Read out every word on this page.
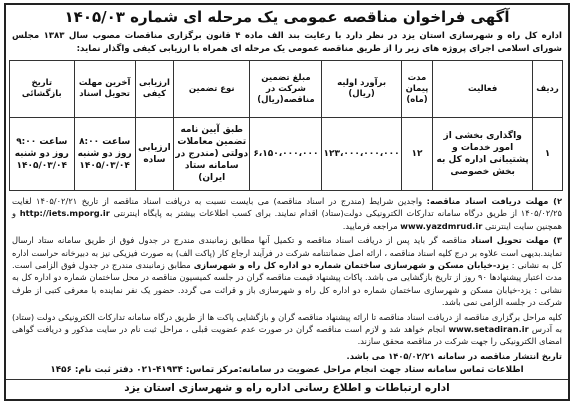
آگهی فراخوان مناقصه عمومی یک مرحله ای شماره ۱۴۰۵/۰۳
اداره کل راه و شهرسازی استان یزد در نظر دارد با رعایت بند الف ماده ۴ قانون برگزاری مناقصات مصوب سال ۱۳۸۳ مجلس شورای اسلامی اجرای پروژه های زیر را از طریق مناقصه عمومی یک مرحله ای همراه با ارزیابی کیفی واگذار نماید:
ردیف	فعالیت	مدت پیمان (ماه)	برآورد اولیه (ریال)	مبلغ تضمین شرکت در مناقصه(ریال)	نوع تضمین	ارزیابی کیفی	آخرین مهلت تحویل اسناد	تاریخ بازگشائی
۱	واگذاری بخشی از امور خدمات و پشتیبانی اداره کل به بخش خصوصی	۱۲	۱۲۳،۰۰۰،۰۰۰،۰۰۰	۶،۱۵۰،۰۰۰،۰۰۰	طبق آیین نامه تضمین معاملات دولتی (مندرج در سامانه ستاد ایران)	ارزیابی ساده	ساعت ۸:۰۰ روز دو شنبه ۱۴۰۵/۰۳/۰۴	ساعت ۹:۰۰ روز دو شنبه ۱۴۰۵/۰۳/۰۴

۲) مهلت دریافت اسناد مناقصه: واجدین شرایط (مندرج در اسناد مناقصه) می بایست نسبت به دریافت اسناد مناقصه از تاریخ ۱۴۰۵/۰۲/۲۱ لغایت ۱۴۰۵/۰۲/۲۵ از طریق درگاه سامانه تدارکات الکترونیکی دولت(ستاد) اقدام نمایند. برای کسب اطلاعات بیشتر به پایگاه اینترنتی http://iets.mporg.ir و همچنین سایت اینترنتی www.yazdmrud.ir مراجعه فرمایید.

۳) مهلت تحویل اسناد مناقصه گر باید پس از دریافت اسناد مناقصه و تکمیل آنها مطابق زمانبندی مندرج در جدول فوق از طریق سامانه ستاد ارسال نمایند.بدیهی است علاوه بر درج کلیه اسناد مناقصه ، ارائه اصل ضمانتنامه شرکت در فرآیند ارجاع کار (پاکت الف) به صورت فیزیکی نیز به دبیرخانه حراست اداره کل به نشانی : یزد-خیابان مسکن و شهرسازی ساختمان شماره دو اداره کل راه و شهرسازی مطابق زمانبندی مندرج در جدول فوق الزامی است. مدت اعتبار پیشنهادها ۹۰ روز از تاریخ بازگشایی می باشد. پاکات پیشنهاد قیمت مناقصه گران در جلسه کمیسیون مناقصه در محل ساختمان شماره دو اداره کل به نشانی : یزد-خیابان مسکن و شهرسازی ساختمان شماره دو اداره کل راه و شهرسازی باز و قرائت می گردد. حضور یک نفر نماینده با معرفی کتبی از طرف شرکت در جلسه الزامی نمی باشد.

کلیه مراحل برگزاری مناقصه از دریافت اسناد مناقصه تا ارائه پیشنهاد مناقصه گران و بازگشایی پاکت ها از طریق درگاه سامانه تدارکات الکترونیکی دولت (ستاد) به آدرس www.setadiran.ir انجام خواهد شد و لازم است مناقصه گران در صورت عدم عضویت قبلی ، مراحل ثبت نام در سایت مذکور و دریافت گواهی امضای الکترونیکی را جهت شرکت در مناقصه محقق سازند.

تاریخ انتشار مناقصه در سامانه ۱۴۰۵/۰۲/۲۱ می باشد.

اطلاعات تماس سامانه ستاد جهت انجام مراحل عضویت در سامانه:مرکز تماس: ۴۱۹۳۴-۰۲۱ دفتر ثبت نام: ۱۴۵۶
اداره ارتباطات و اطلاع رسانی اداره راه و شهرسازی استان یزد
